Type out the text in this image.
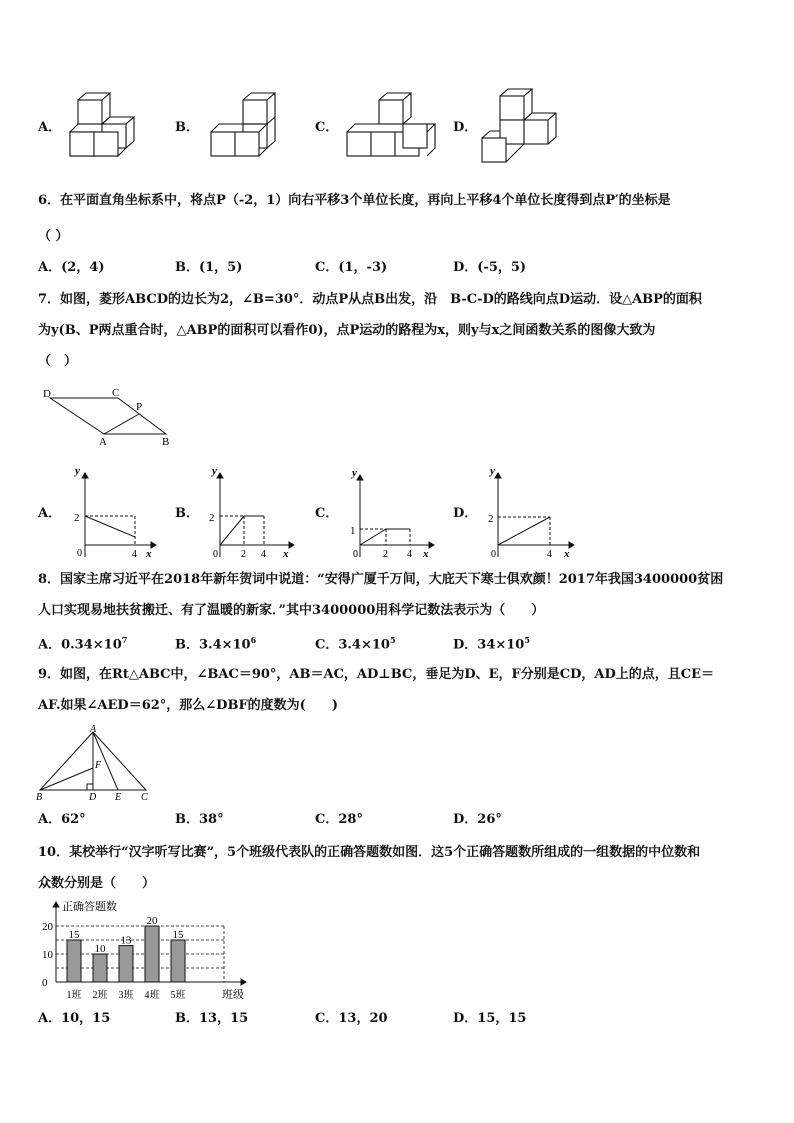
A．	B．	C．	D．
6．在平面直角坐标系中，将点P（-2，1）向右平移3个单位长度，再向上平移4个单位长度得到点P′的坐标是
（ ）
A．(2，4)	B．(1，5)	C．(1，-3)	D．(-5，5)
7．如图，菱形ABCD的边长为2，∠B=30°．动点P从点B出发，沿　B-C-D的路线向点D运动．设△ABP的面积
为y(B、P两点重合时，△ABP的面积可以看作0)，点P运动的路程为x，则y与x之间函数关系的图像大致为
（　）
D	C
P
A	B
A．	B．	C．	D．
y
2
0	4 x
y
2
0 2 4 x
y
1
0	2 4 x
y
2
0	4 x
8．国家主席习近平在2018年新年贺词中说道：“安得广厦千万间，大庇天下寒士俱欢颜！2017年我国3400000贫困
人口实现易地扶贫搬迁、有了温暖的新家．”其中3400000用科学记数法表示为（　　）
A．$0.34\times 10^7$	B．$3.4\times 10^6$	C．$3.4\times 10^5$	D．$34\times 10^5$
9．如图，在Rt△ABC中，∠BAC＝90°，AB＝AC，AD⊥BC，垂足为D、E，F分别是CD，AD上的点，且CE＝
AF.如果∠AED＝62°，那么∠DBF的度数为(　　)
A
F
B	D E C
A．62°	B．38°	C．28°	D．26°
10．某校举行“汉字听写比赛”，5个班级代表队的正确答题数如图．这5个正确答题数所组成的一组数据的中位数和
众数分别是（　　）
正确答题数
班级
0
10
20
15
1班
10
2班
13
3班
20
4班
15
5班
A．10，15	B．13，15	C．13，20	D．15，15
